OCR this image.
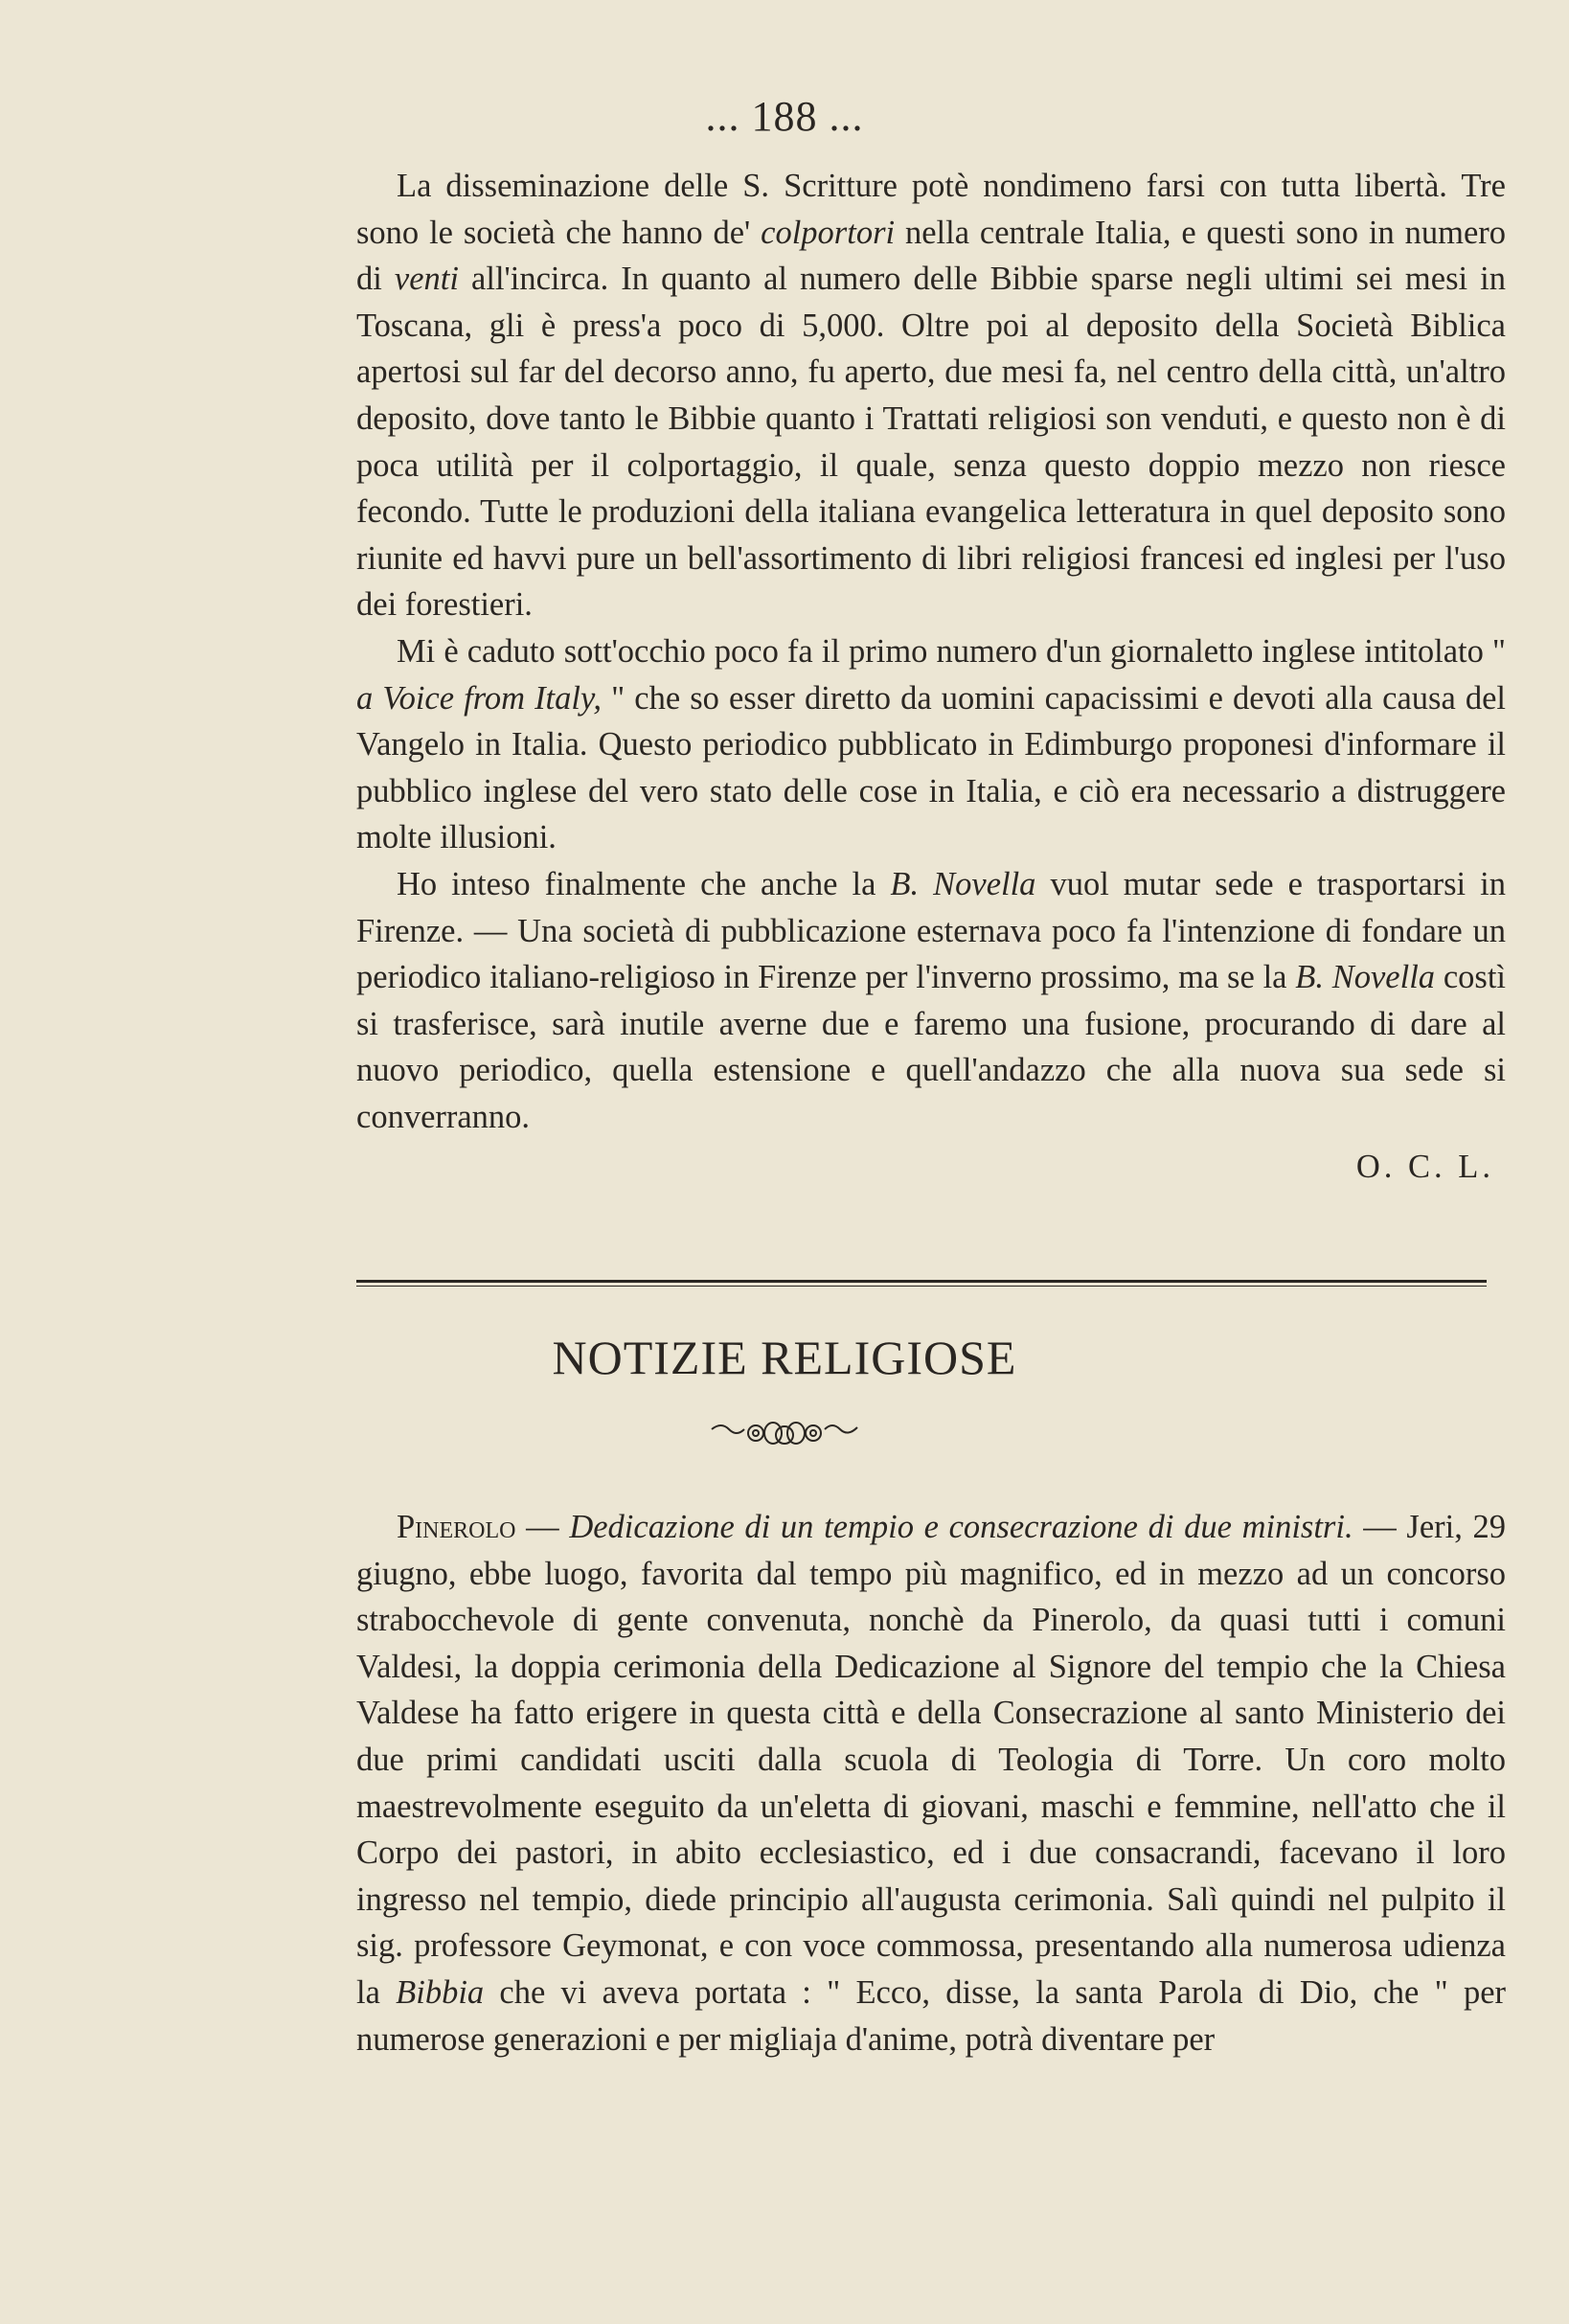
... 188 ...

La disseminazione delle S. Scritture potè nondimeno farsi con tutta libertà. Tre sono le società che hanno de' colportori nella centrale Italia, e questi sono in numero di venti all'incirca. In quanto al numero delle Bibbie sparse negli ultimi sei mesi in Toscana, gli è press'a poco di 5,000. Oltre poi al deposito della Società Biblica apertosi sul far del decorso anno, fu aperto, due mesi fa, nel centro della città, un'altro deposito, dove tanto le Bibbie quanto i Trattati religiosi son venduti, e questo non è di poca utilità per il colportaggio, il quale, senza questo doppio mezzo non riesce fecondo. Tutte le produzioni della italiana evangelica letteratura in quel deposito sono riunite ed havvi pure un bell'assortimento di libri religiosi francesi ed inglesi per l'uso dei forestieri.

Mi è caduto sott'occhio poco fa il primo numero d'un giornaletto inglese intitolato " a Voice from Italy, " che so esser diretto da uomini capacissimi e devoti alla causa del Vangelo in Italia. Questo periodico pubblicato in Edimburgo proponesi d'informare il pubblico inglese del vero stato delle cose in Italia, e ciò era necessario a distruggere molte illusioni.

Ho inteso finalmente che anche la B. Novella vuol mutar sede e trasportarsi in Firenze. — Una società di pubblicazione esternava poco fa l'intenzione di fondare un periodico italiano-religioso in Firenze per l'inverno prossimo, ma se la B. Novella costì si trasferisce, sarà inutile averne due e faremo una fusione, procurando di dare al nuovo periodico, quella estensione e quell'andazzo che alla nuova sua sede si converranno.

O. C. L.
NOTIZIE RELIGIOSE

Pinerolo — Dedicazione di un tempio e consecrazione di due ministri. — Jeri, 29 giugno, ebbe luogo, favorita dal tempo più magnifico, ed in mezzo ad un concorso strabocchevole di gente convenuta, nonchè da Pinerolo, da quasi tutti i comuni Valdesi, la doppia cerimonia della Dedicazione al Signore del tempio che la Chiesa Valdese ha fatto erigere in questa città e della Consecrazione al santo Ministerio dei due primi candidati usciti dalla scuola di Teologia di Torre. Un coro molto maestrevolmente eseguito da un'eletta di giovani, maschi e femmine, nell'atto che il Corpo dei pastori, in abito ecclesiastico, ed i due consacrandi, facevano il loro ingresso nel tempio, diede principio all'augusta cerimonia. Salì quindi nel pulpito il sig. professore Geymonat, e con voce commossa, presentando alla numerosa udienza la Bibbia che vi aveva portata : " Ecco, disse, la santa Parola di Dio, che " per numerose generazioni e per migliaja d'anime, potrà diventare per
